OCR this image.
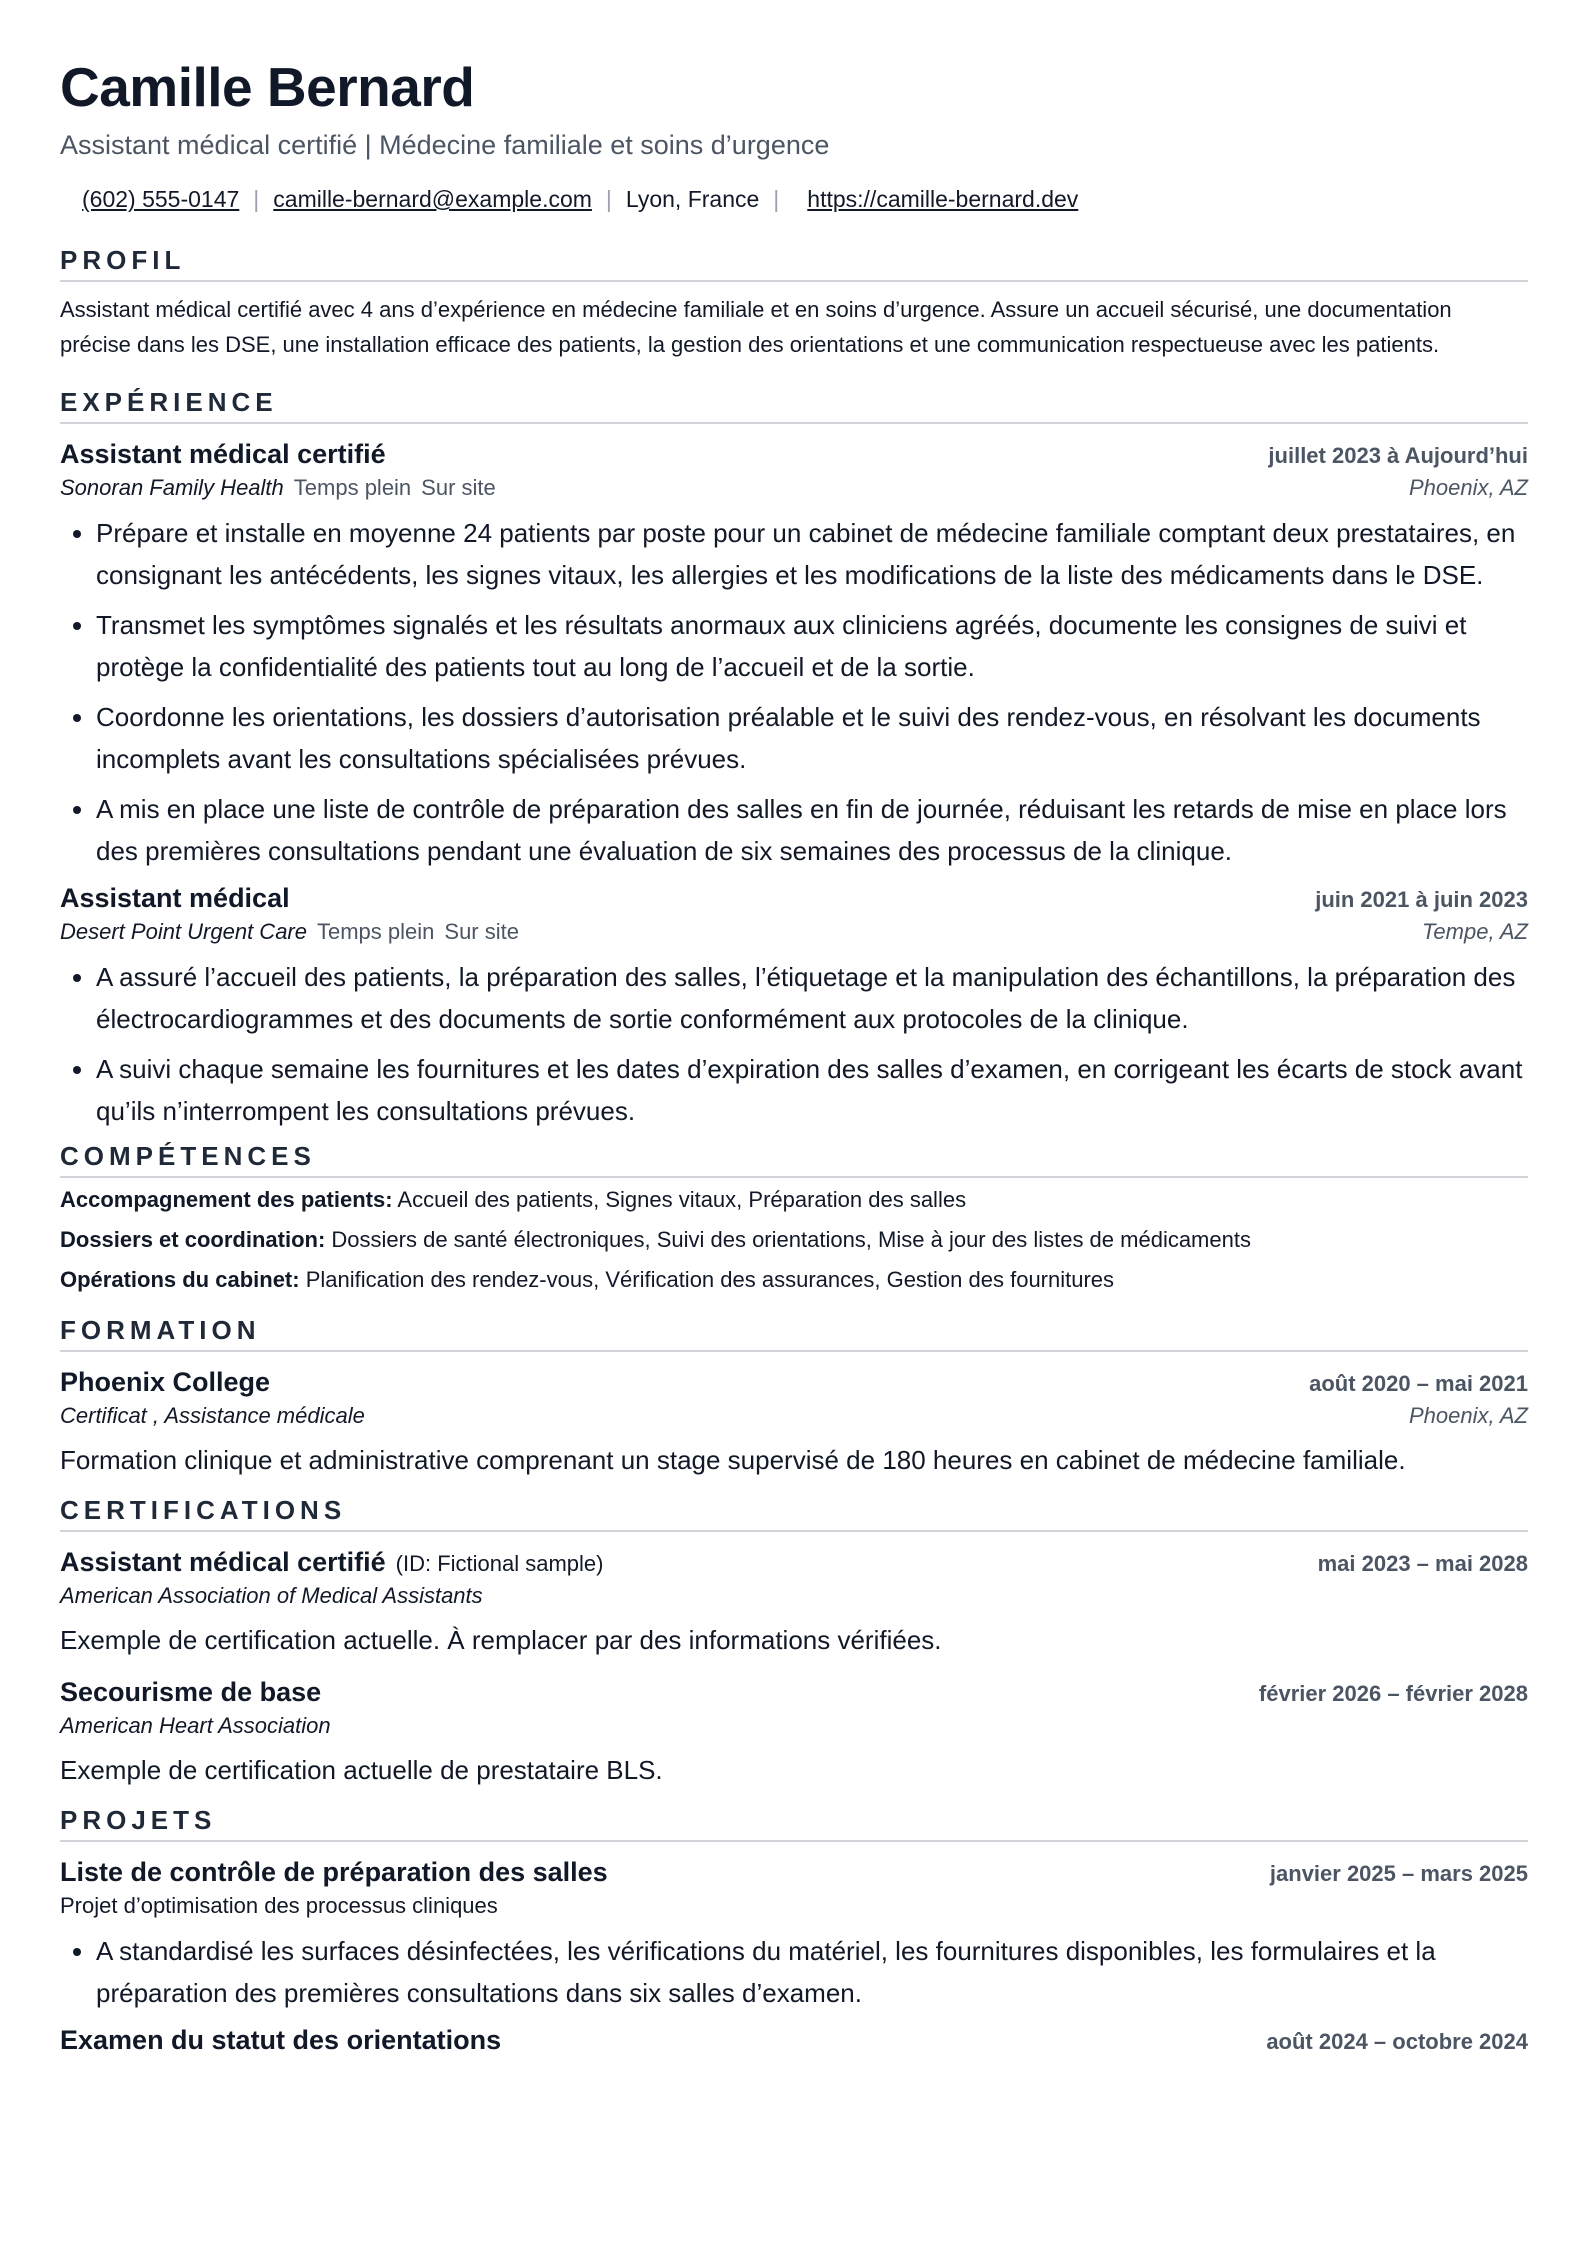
Camille Bernard
Assistant médical certifié | Médecine familiale et soins d’urgence
(602) 555-0147 | camille-bernard@example.com | Lyon, France | https://camille-bernard.dev
PROFIL
Assistant médical certifié avec 4 ans d’expérience en médecine familiale et en soins d’urgence. Assure un accueil sécurisé, une documentation précise dans les DSE, une installation efficace des patients, la gestion des orientations et une communication respectueuse avec les patients.
EXPÉRIENCE
Assistant médical certifié	juillet 2023 à Aujourd’hui
Sonoran Family Health Temps plein Sur site	Phoenix, AZ
• Prépare et installe en moyenne 24 patients par poste pour un cabinet de médecine familiale comptant deux prestataires, en consignant les antécédents, les signes vitaux, les allergies et les modifications de la liste des médicaments dans le DSE.
• Transmet les symptômes signalés et les résultats anormaux aux cliniciens agréés, documente les consignes de suivi et protège la confidentialité des patients tout au long de l’accueil et de la sortie.
• Coordonne les orientations, les dossiers d’autorisation préalable et le suivi des rendez-vous, en résolvant les documents incomplets avant les consultations spécialisées prévues.
• A mis en place une liste de contrôle de préparation des salles en fin de journée, réduisant les retards de mise en place lors des premières consultations pendant une évaluation de six semaines des processus de la clinique.
Assistant médical	juin 2021 à juin 2023
Desert Point Urgent Care Temps plein Sur site	Tempe, AZ
• A assuré l’accueil des patients, la préparation des salles, l’étiquetage et la manipulation des échantillons, la préparation des électrocardiogrammes et des documents de sortie conformément aux protocoles de la clinique.
• A suivi chaque semaine les fournitures et les dates d’expiration des salles d’examen, en corrigeant les écarts de stock avant qu’ils n’interrompent les consultations prévues.
COMPÉTENCES
Accompagnement des patients: Accueil des patients, Signes vitaux, Préparation des salles
Dossiers et coordination: Dossiers de santé électroniques, Suivi des orientations, Mise à jour des listes de médicaments
Opérations du cabinet: Planification des rendez-vous, Vérification des assurances, Gestion des fournitures
FORMATION
Phoenix College	août 2020 – mai 2021
Certificat , Assistance médicale	Phoenix, AZ
Formation clinique et administrative comprenant un stage supervisé de 180 heures en cabinet de médecine familiale.
CERTIFICATIONS
Assistant médical certifié (ID: Fictional sample)	mai 2023 – mai 2028
American Association of Medical Assistants
Exemple de certification actuelle. À remplacer par des informations vérifiées.
Secourisme de base	février 2026 – février 2028
American Heart Association
Exemple de certification actuelle de prestataire BLS.
PROJETS
Liste de contrôle de préparation des salles	janvier 2025 – mars 2025
Projet d’optimisation des processus cliniques
• A standardisé les surfaces désinfectées, les vérifications du matériel, les fournitures disponibles, les formulaires et la préparation des premières consultations dans six salles d’examen.
Examen du statut des orientations	août 2024 – octobre 2024
